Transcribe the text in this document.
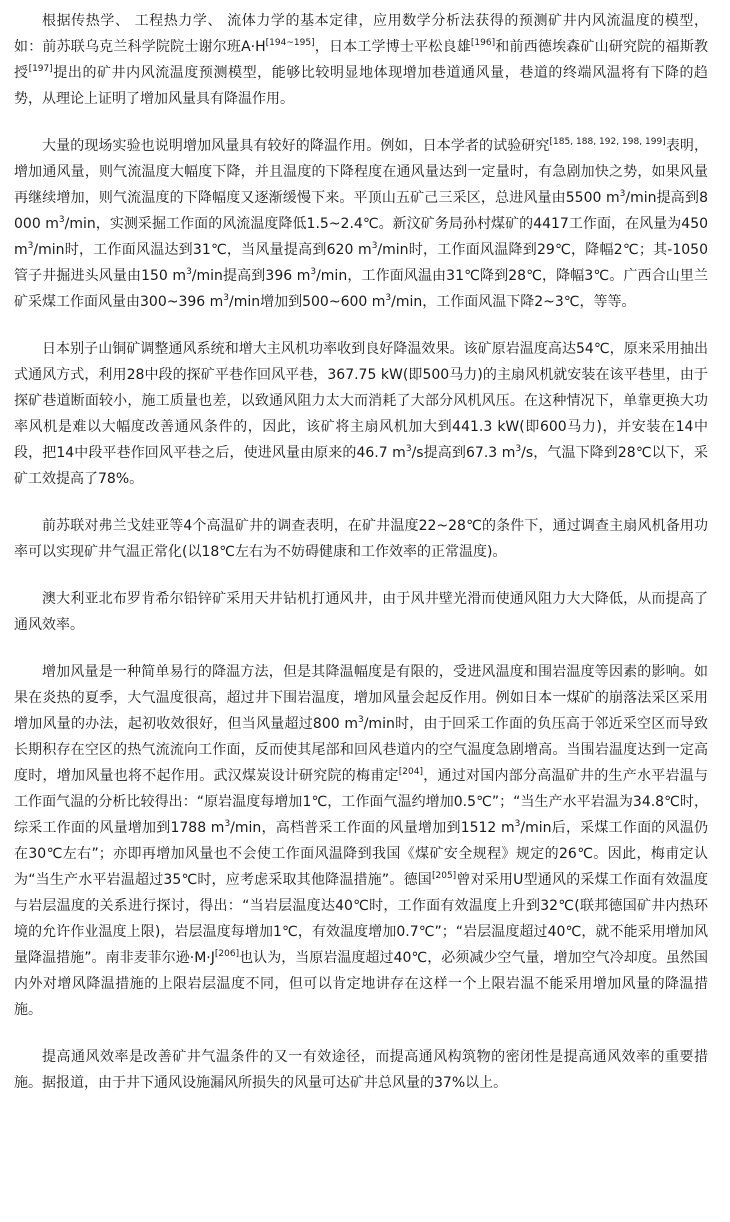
根据传热学、 工程热力学、 流体力学的基本定律，应用数学分析法获得的预测矿井内风流温度的模型，如：前苏联乌克兰科学院院士谢尔班A·H[194~195]，日本工学博士平松良雄[196]和前西德埃森矿山研究院的福斯教授[197]提出的矿井内风流温度预测模型，能够比较明显地体现增加巷道通风量，巷道的终端风温将有下降的趋势，从理论上证明了增加风量具有降温作用。

大量的现场实验也说明增加风量具有较好的降温作用。例如，日本学者的试验研究[185, 188, 192, 198, 199]表明，增加通风量，则气流温度大幅度下降，并且温度的下降程度在通风量达到一定量时，有急剧加快之势，如果风量再继续增加，则气流温度的下降幅度又逐渐缓慢下来。平顶山五矿己三采区，总进风量由5500 $m^3/\min$提高到8000 $m^3/\min$，实测采掘工作面的风流温度降低1.5~2.4℃。新汶矿务局孙村煤矿的4417工作面，在风量为450 $m^3/\min$时，工作面风温达到31℃，当风量提高到620 $m^3/\min$时，工作面风温降到29℃，降幅2℃；其-1050管子井掘进头风量由150 $m^3/\min$提高到396 $m^3/\min$，工作面风温由31℃降到28℃，降幅3℃。广西合山里兰矿采煤工作面风量由300~396 $m^3/\min$增加到500~600 $m^3/\min$，工作面风温下降2~3℃，等等。

日本别子山铜矿调整通风系统和增大主风机功率收到良好降温效果。该矿原岩温度高达54℃，原来采用抽出式通风方式，利用28中段的探矿平巷作回风平巷，367.75 kW(即500马力)的主扇风机就安装在该平巷里，由于探矿巷道断面较小，施工质量也差，以致通风阻力太大而消耗了大部分风机风压。在这种情况下，单靠更换大功率风机是难以大幅度改善通风条件的，因此，该矿将主扇风机加大到441.3 kW(即600马力)，并安装在14中段，把14中段平巷作回风平巷之后，使进风量由原来的46.7 $m^3/s$提高到67.3 $m^3/s$，气温下降到28℃以下，采矿工效提高了78%。

前苏联对弗兰戈娃亚等4个高温矿井的调查表明，在矿井温度22~28℃的条件下，通过调查主扇风机备用功率可以实现矿井气温正常化(以18℃左右为不妨碍健康和工作效率的正常温度)。

澳大利亚北布罗肯希尔铅锌矿采用天井钻机打通风井，由于风井壁光滑而使通风阻力大大降低，从而提高了通风效率。

增加风量是一种简单易行的降温方法，但是其降温幅度是有限的，受进风温度和围岩温度等因素的影响。如果在炎热的夏季，大气温度很高，超过井下围岩温度，增加风量会起反作用。例如日本一煤矿的崩落法采区采用增加风量的办法，起初收效很好，但当风量超过800 $m^3/\min$时，由于回采工作面的负压高于邻近采空区而导致长期积存在空区的热气流流向工作面，反而使其尾部和回风巷道内的空气温度急剧增高。当围岩温度达到一定高度时，增加风量也将不起作用。武汉煤炭设计研究院的梅甫定[204]，通过对国内部分高温矿井的生产水平岩温与工作面气温的分析比较得出：“原岩温度每增加1℃，工作面气温约增加0.5℃”；“当生产水平岩温为34.8℃时，综采工作面的风量增加到1788 $m^3/\min$，高档普采工作面的风量增加到1512 $m^3/\min$后，采煤工作面的风温仍在30℃左右”；亦即再增加风量也不会使工作面风温降到我国《煤矿安全规程》规定的26℃。因此，梅甫定认为“当生产水平岩温超过35℃时，应考虑采取其他降温措施”。德国[205]曾对采用U型通风的采煤工作面有效温度与岩层温度的关系进行探讨，得出：“当岩层温度达40℃时，工作面有效温度上升到32℃(联邦德国矿井内热环境的允许作业温度上限)，岩层温度每增加1℃，有效温度增加0.7℃”；“岩层温度超过40℃，就不能采用增加风量降温措施”。南非麦菲尔逊·M·J[206]也认为，当原岩温度超过40℃，必须减少空气量，增加空气冷却度。虽然国内外对增风降温措施的上限岩层温度不同，但可以肯定地讲存在这样一个上限岩温不能采用增加风量的降温措施。

提高通风效率是改善矿井气温条件的又一有效途径，而提高通风构筑物的密闭性是提高通风效率的重要措施。据报道，由于井下通风设施漏风所损失的风量可达矿井总风量的37%以上。
